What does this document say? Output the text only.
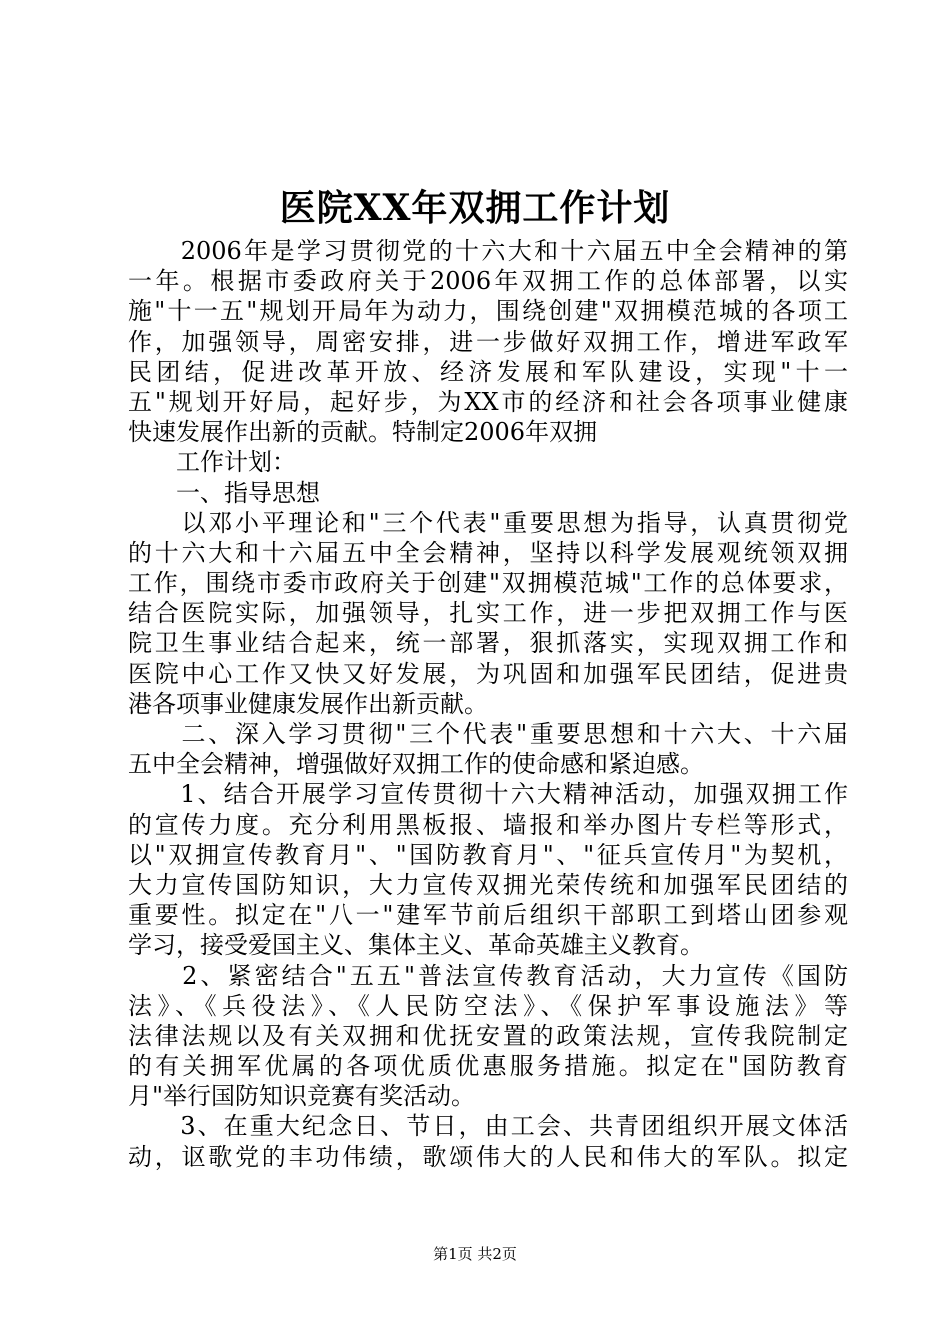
医院XX年双拥工作计划
　　2006年是学习贯彻党的十六大和十六届五中全会精神的第
一年。根据市委政府关于2006年双拥工作的总体部署，以实
施"十一五"规划开局年为动力，围绕创建"双拥模范城的各项工
作，加强领导，周密安排，进一步做好双拥工作，增进军政军
民团结，促进改革开放、经济发展和军队建设，实现"十一
五"规划开好局，起好步，为XX市的经济和社会各项事业健康
快速发展作出新的贡献。特制定2006年双拥
　　工作计划：
　　一、指导思想
　　以邓小平理论和"三个代表"重要思想为指导，认真贯彻党
的十六大和十六届五中全会精神，坚持以科学发展观统领双拥
工作，围绕市委市政府关于创建"双拥模范城"工作的总体要求，
结合医院实际，加强领导，扎实工作，进一步把双拥工作与医
院卫生事业结合起来，统一部署，狠抓落实，实现双拥工作和
医院中心工作又快又好发展，为巩固和加强军民团结，促进贵
港各项事业健康发展作出新贡献。
　　二、深入学习贯彻"三个代表"重要思想和十六大、十六届
五中全会精神，增强做好双拥工作的使命感和紧迫感。
　　1、结合开展学习宣传贯彻十六大精神活动，加强双拥工作
的宣传力度。充分利用黑板报、墙报和举办图片专栏等形式，
以"双拥宣传教育月"、"国防教育月"、"征兵宣传月"为契机，
大力宣传国防知识，大力宣传双拥光荣传统和加强军民团结的
重要性。拟定在"八一"建军节前后组织干部职工到塔山团参观
学习，接受爱国主义、集体主义、革命英雄主义教育。
　　2、紧密结合"五五"普法宣传教育活动，大力宣传《国防
法》、《兵役法》、《人民防空法》、《保护军事设施法》等
法律法规以及有关双拥和优抚安置的政策法规，宣传我院制定
的有关拥军优属的各项优质优惠服务措施。拟定在"国防教育
月"举行国防知识竞赛有奖活动。
　　3、在重大纪念日、节日，由工会、共青团组织开展文体活
动，讴歌党的丰功伟绩，歌颂伟大的人民和伟大的军队。拟定
第1页 共2页
